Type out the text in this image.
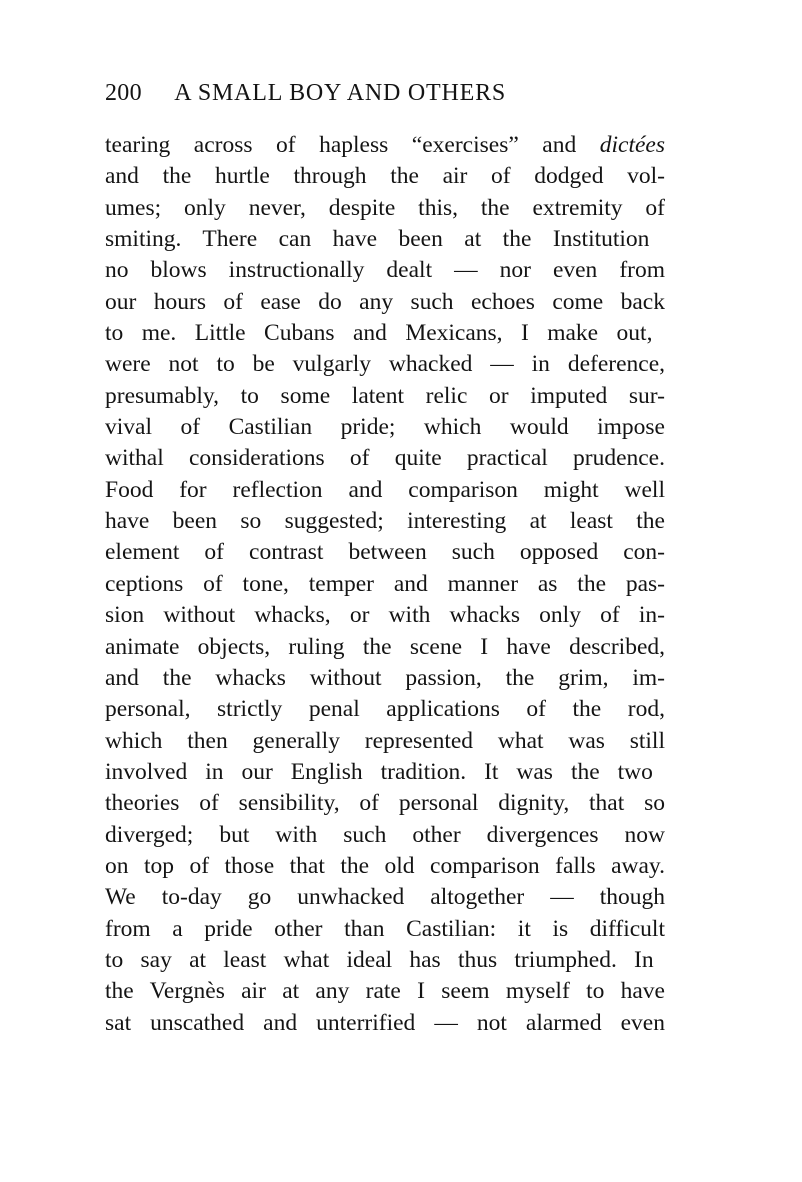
200 A SMALL BOY AND OTHERS
tearing across of hapless “exercises” and dictées
and the hurtle through the air of dodged vol-
umes; only never, despite this, the extremity of
smiting. There can have been at the Institution
no blows instructionally dealt — nor even from
our hours of ease do any such echoes come back
to me. Little Cubans and Mexicans, I make out,
were not to be vulgarly whacked — in deference,
presumably, to some latent relic or imputed sur-
vival of Castilian pride; which would impose
withal considerations of quite practical prudence.
Food for reflection and comparison might well
have been so suggested; interesting at least the
element of contrast between such opposed con-
ceptions of tone, temper and manner as the pas-
sion without whacks, or with whacks only of in-
animate objects, ruling the scene I have described,
and the whacks without passion, the grim, im-
personal, strictly penal applications of the rod,
which then generally represented what was still
involved in our English tradition. It was the two
theories of sensibility, of personal dignity, that so
diverged; but with such other divergences now
on top of those that the old comparison falls away.
We to-day go unwhacked altogether — though
from a pride other than Castilian: it is difficult
to say at least what ideal has thus triumphed. In
the Vergnès air at any rate I seem myself to have
sat unscathed and unterrified — not alarmed even
